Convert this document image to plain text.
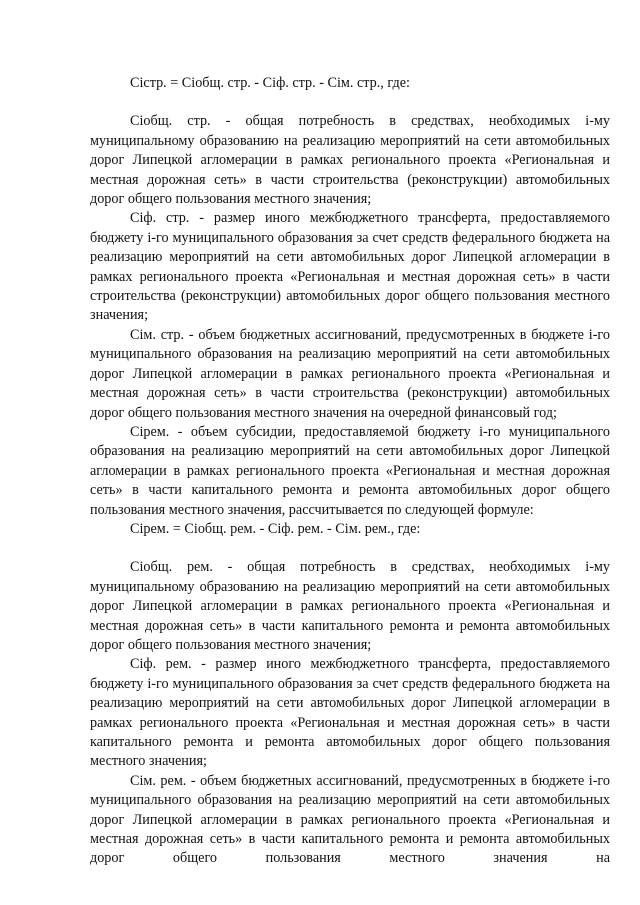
Сіcтр. = Сіобщ. стр. - Сіф. стр. - Сім. стр., где:

Сіобщ. стр. - общая потребность в средствах, необходимых і-му муниципальному образованию на реализацию мероприятий на сети автомобильных дорог Липецкой агломерации в рамках регионального проекта «Региональная и местная дорожная сеть» в части строительства (реконструкции) автомобильных дорог общего пользования местного значения;

Сіф. стр. - размер иного межбюджетного трансферта, предоставляемого бюджету і-го муниципального образования за счет средств федерального бюджета на реализацию мероприятий на сети автомобильных дорог Липецкой агломерации в рамках регионального проекта «Региональная и местная дорожная сеть» в части строительства (реконструкции) автомобильных дорог общего пользования местного значения;

Сім. стр. - объем бюджетных ассигнований, предусмотренных в бюджете і-го муниципального образования на реализацию мероприятий на сети автомобильных дорог Липецкой агломерации в рамках регионального проекта «Региональная и местная дорожная сеть» в части строительства (реконструкции) автомобильных дорог общего пользования местного значения на очередной финансовый год;

Сірем. - объем субсидии, предоставляемой бюджету і-го муниципального образования на реализацию мероприятий на сети автомобильных дорог Липецкой агломерации в рамках регионального проекта «Региональная и местная дорожная сеть» в части капитального ремонта и ремонта автомобильных дорог общего пользования местного значения, рассчитывается по следующей формуле:

Сірем. = Сіобщ. рем. - Сіф. рем. - Сім. рем., где:

Сіобщ. рем. - общая потребность в средствах, необходимых і-му муниципальному образованию на реализацию мероприятий на сети автомобильных дорог Липецкой агломерации в рамках регионального проекта «Региональная и местная дорожная сеть» в части капитального ремонта и ремонта автомобильных дорог общего пользования местного значения;

Сіф. рем. - размер иного межбюджетного трансферта, предоставляемого бюджету і-го муниципального образования за счет средств федерального бюджета на реализацию мероприятий на сети автомобильных дорог Липецкой агломерации в рамках регионального проекта «Региональная и местная дорожная сеть» в части капитального ремонта и ремонта автомобильных дорог общего пользования местного значения;

Сім. рем. - объем бюджетных ассигнований, предусмотренных в бюджете і-го муниципального образования на реализацию мероприятий на сети автомобильных дорог Липецкой агломерации в рамках регионального проекта «Региональная и местная дорожная сеть» в части капитального ремонта и ремонта автомобильных дорог общего пользования местного значения на
